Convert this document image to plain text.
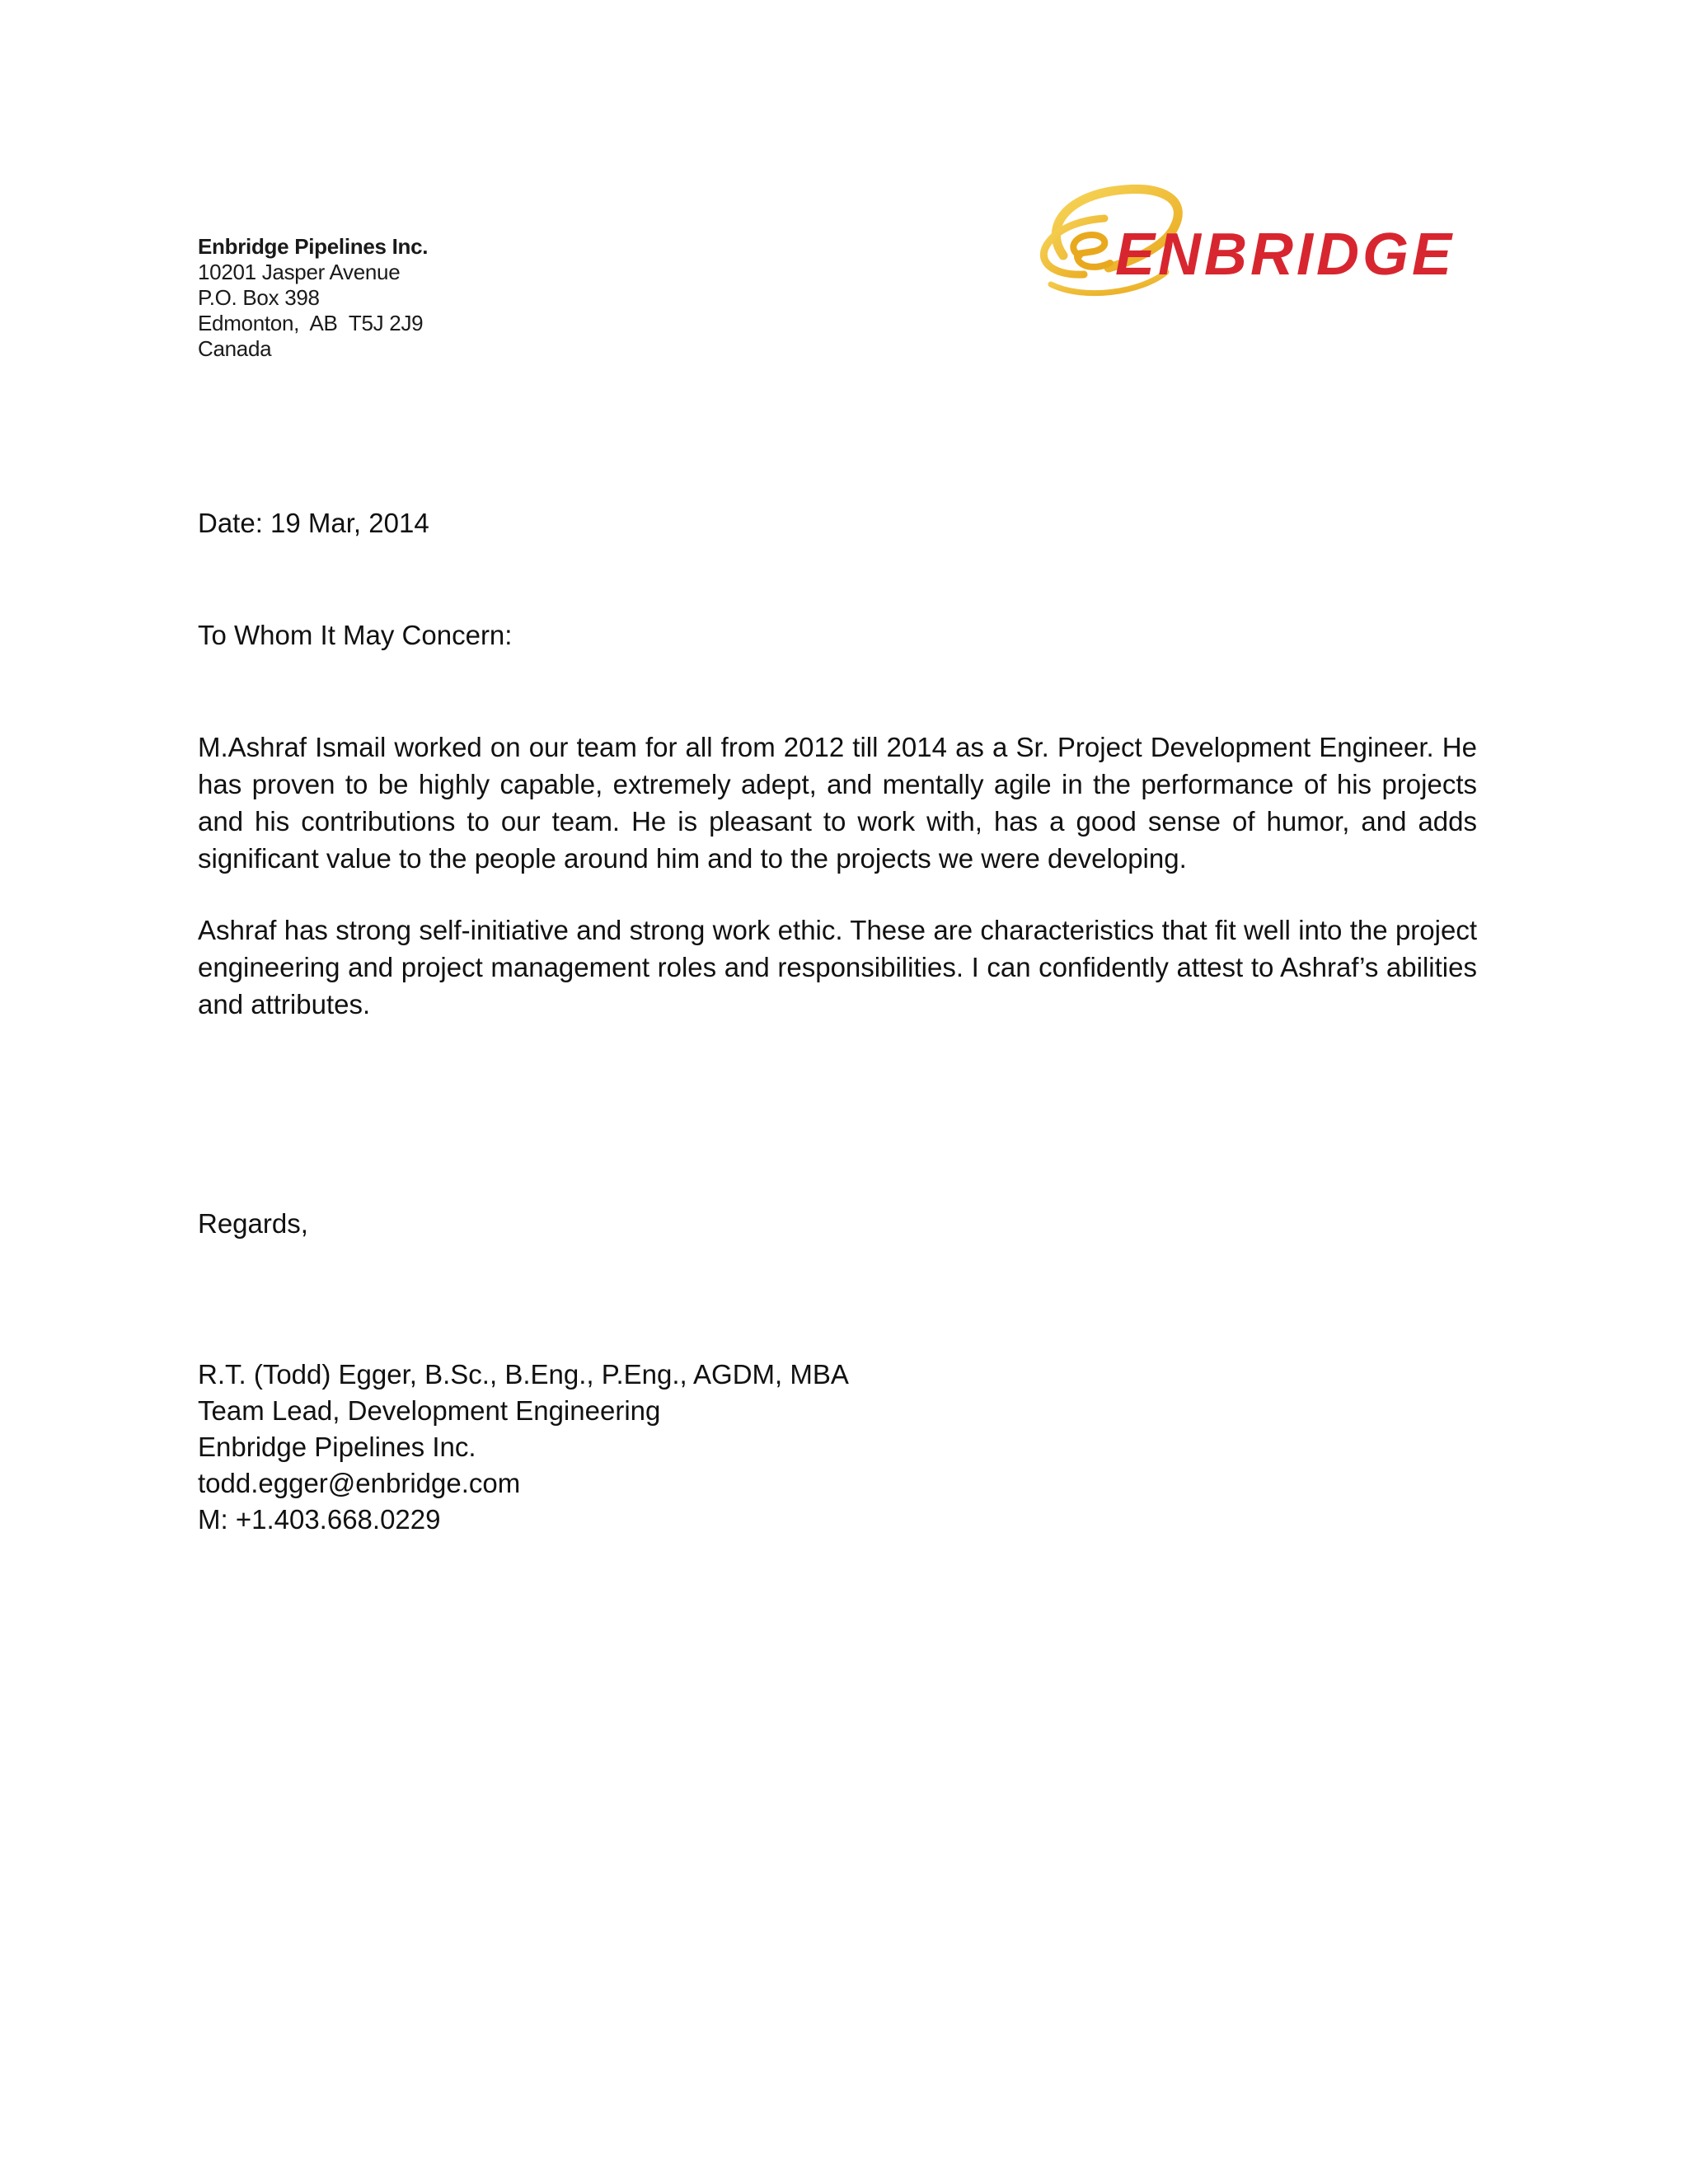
Enbridge Pipelines Inc.
10201 Jasper Avenue
P.O. Box 398
Edmonton,  AB  T5J 2J9
Canada
ENBRIDGE
Date: 19 Mar, 2014
To Whom It May Concern:

M.Ashraf Ismail worked on our team for all from 2012 till 2014 as a Sr. Project Development Engineer. He has proven to be highly capable, extremely adept, and mentally agile in the performance of his projects and his contributions to our team. He is pleasant to work with, has a good sense of humor, and adds significant value to the people around him and to the projects we were developing.

Ashraf has strong self-initiative and strong work ethic. These are characteristics that fit well into the project engineering and project management roles and responsibilities. I can confidently attest to Ashraf’s abilities and attributes.

Regards,
R.T. (Todd) Egger, B.Sc., B.Eng., P.Eng., AGDM, MBA
Team Lead, Development Engineering
Enbridge Pipelines Inc.
todd.egger@enbridge.com
M: +1.403.668.0229
